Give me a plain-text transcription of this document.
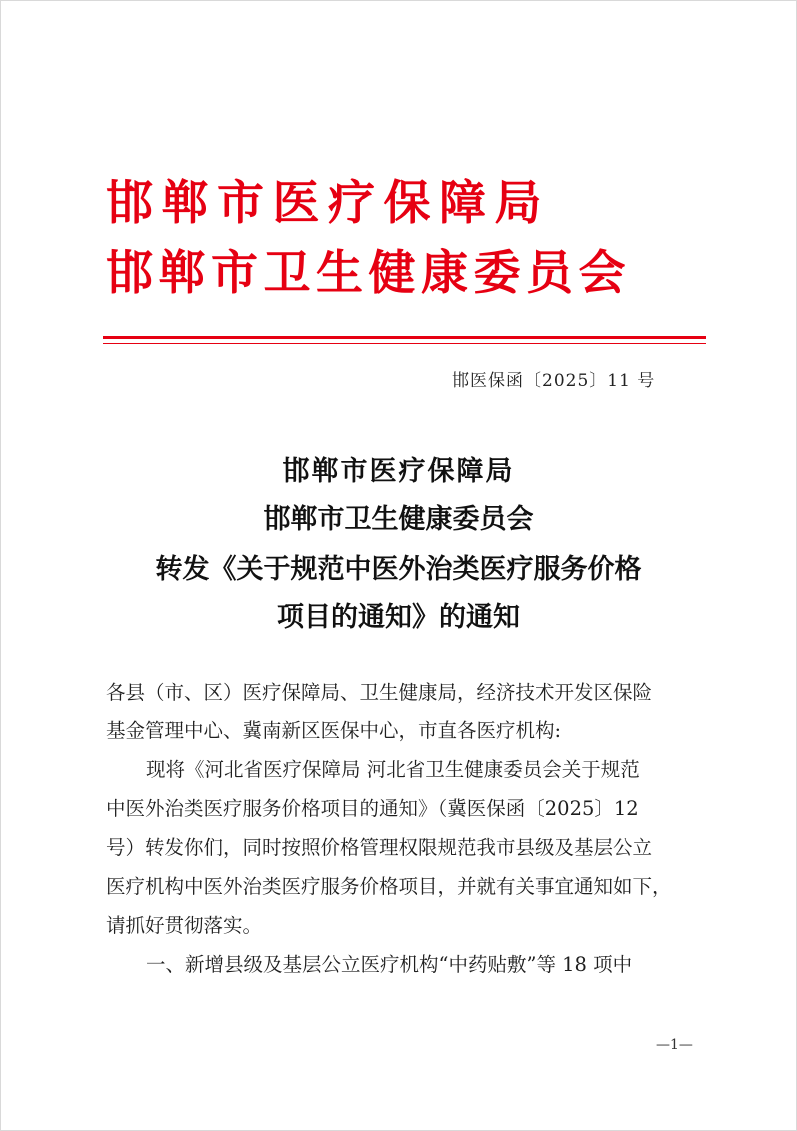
邯郸市医疗保障局
邯郸市卫生健康委员会
邯医保函〔2025〕11 号
邯郸市医疗保障局
邯郸市卫生健康委员会
转发《关于规范中医外治类医疗服务价格
项目的通知》的通知
各县（市、区）医疗保障局、卫生健康局，经济技术开发区保险
基金管理中心、冀南新区医保中心，市直各医疗机构:
现将《河北省医疗保障局 河北省卫生健康委员会关于规范
中医外治类医疗服务价格项目的通知》（冀医保函〔2025〕12
号）转发你们，同时按照价格管理权限规范我市县级及基层公立
医疗机构中医外治类医疗服务价格项目，并就有关事宜通知如下，
请抓好贯彻落实。
一、新增县级及基层公立医疗机构“中药贴敷”等 18 项中
—1—
